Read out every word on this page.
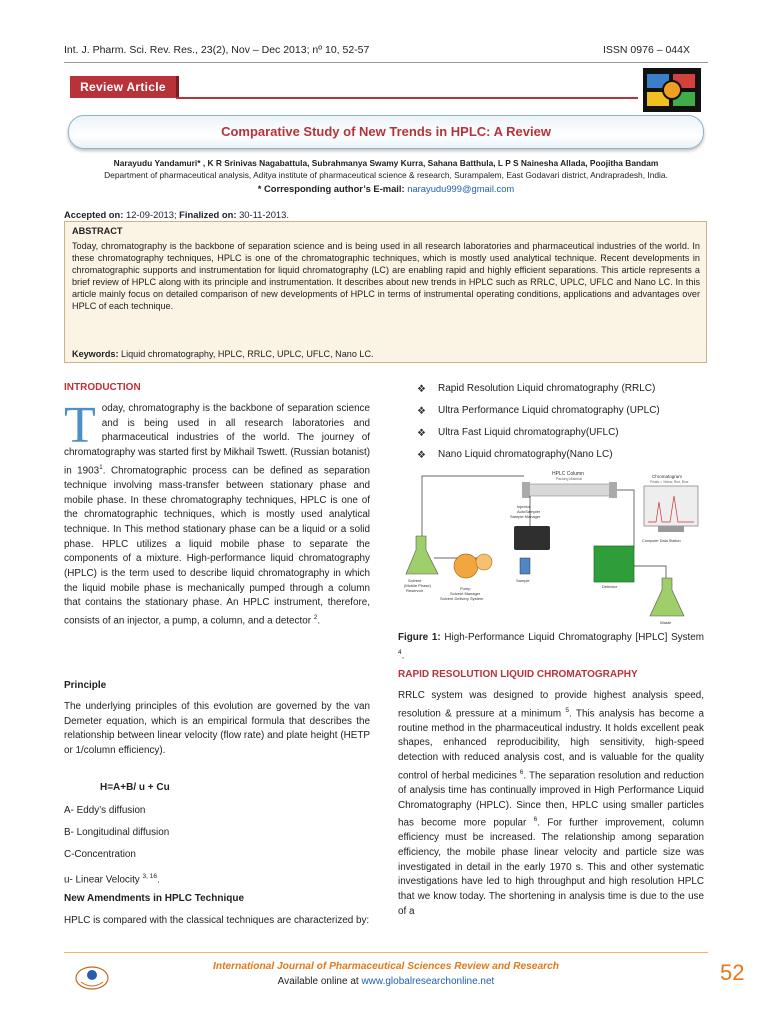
Int. J. Pharm. Sci. Rev. Res., 23(2), Nov – Dec 2013; nº 10, 52-57	ISSN 0976 – 044X
Review Article
Comparative Study of New Trends in HPLC: A Review
Narayudu Yandamuri* , K R Srinivas Nagabattula, Subrahmanya Swamy Kurra, Sahana Batthula, L P S Nainesha Allada, Poojitha Bandam
Department of pharmaceutical analysis, Aditya institute of pharmaceutical science & research, Surampalem, East Godavari district, Andrapradesh, India.
* Corresponding author’s E-mail: narayudu999@gmail.com
Accepted on: 12-09-2013; Finalized on: 30-11-2013.
ABSTRACT
Today, chromatography is the backbone of separation science and is being used in all research laboratories and pharmaceutical industries of the world. In these chromatography techniques, HPLC is one of the chromatographic techniques, which is mostly used analytical technique. Recent developments in chromatographic supports and instrumentation for liquid chromatography (LC) are enabling rapid and highly efficient separations. This article represents a brief review of HPLC along with its principle and instrumentation. It describes about new trends in HPLC such as RRLC, UPLC, UFLC and Nano LC. In this article mainly focus on detailed comparison of new developments of HPLC in terms of instrumental operating conditions, applications and advantages over HPLC of each technique.
Keywords: Liquid chromatography, HPLC, RRLC, UPLC, UFLC, Nano LC.
INTRODUCTION
Today, chromatography is the backbone of separation science and is being used in all research laboratories and pharmaceutical industries of the world. The journey of chromatography was started first by Mikhail Tswett. (Russian botanist) in 1903$^1$. Chromatographic process can be defined as separation technique involving mass-transfer between stationary phase and mobile phase. In these chromatography techniques, HPLC is one of the chromatographic techniques, which is mostly used analytical technique. In This method stationary phase can be a liquid or a solid phase. HPLC utilizes a liquid mobile phase to separate the components of a mixture. High-performance liquid chromatography (HPLC) is the term used to describe liquid chromatography in which the liquid mobile phase is mechanically pumped through a column that contains the stationary phase. An HPLC instrument, therefore, consists of an injector, a pump, a column, and a detector $^2$.
Principle
The underlying principles of this evolution are governed by the van Demeter equation, which is an empirical formula that describes the relationship between linear velocity (flow rate) and plate height (HETP or 1/column efficiency).
H=A+B/ u + Cu
A- Eddy’s diffusion
B- Longitudinal diffusion
C-Concentration
u- Linear Velocity $^{3, 16}$.
New Amendments in HPLC Technique
HPLC is compared with the classical techniques are characterized by:
❖ Rapid Resolution Liquid chromatography (RRLC)
❖ Ultra Performance Liquid chromatography (UPLC)
❖ Ultra Fast Liquid chromatography(UFLC)
❖ Nano Liquid chromatography(Nano LC)
HPLC Column
Packing Material
Injector
AutoSampler
Sample Manager
Chromatogram
Peaks = Yellow, Red, Blue
Computer Data Station
Solvent
(Mobile Phase)
Reservoir
Sample
Pump
Solvent Manager
Solvent Delivery System
Detector
Waste
Figure 1: High-Performance Liquid Chromatography [HPLC] System $^4$.
RAPID RESOLUTION LIQUID CHROMATOGRAPHY
RRLC system was designed to provide highest analysis speed, resolution & pressure at a minimum $^5$. This analysis has become a routine method in the pharmaceutical industry. It holds excellent peak shapes, enhanced reproducibility, high sensitivity, high-speed detection with reduced analysis cost, and is valuable for the quality control of herbal medicines $^6$. The separation resolution and reduction of analysis time has continually improved in High Performance Liquid Chromatography (HPLC). Since then, HPLC using smaller particles has become more popular $^6$. For further improvement, column efficiency must be increased. The relationship among separation efficiency, the mobile phase linear velocity and particle size was investigated in detail in the early 1970 s. This and other systematic investigations have led to high throughput and high resolution HPLC that we know today. The shortening in analysis time is due to the use of a
International Journal of Pharmaceutical Sciences Review and Research
Available online at www.globalresearchonline.net	52
